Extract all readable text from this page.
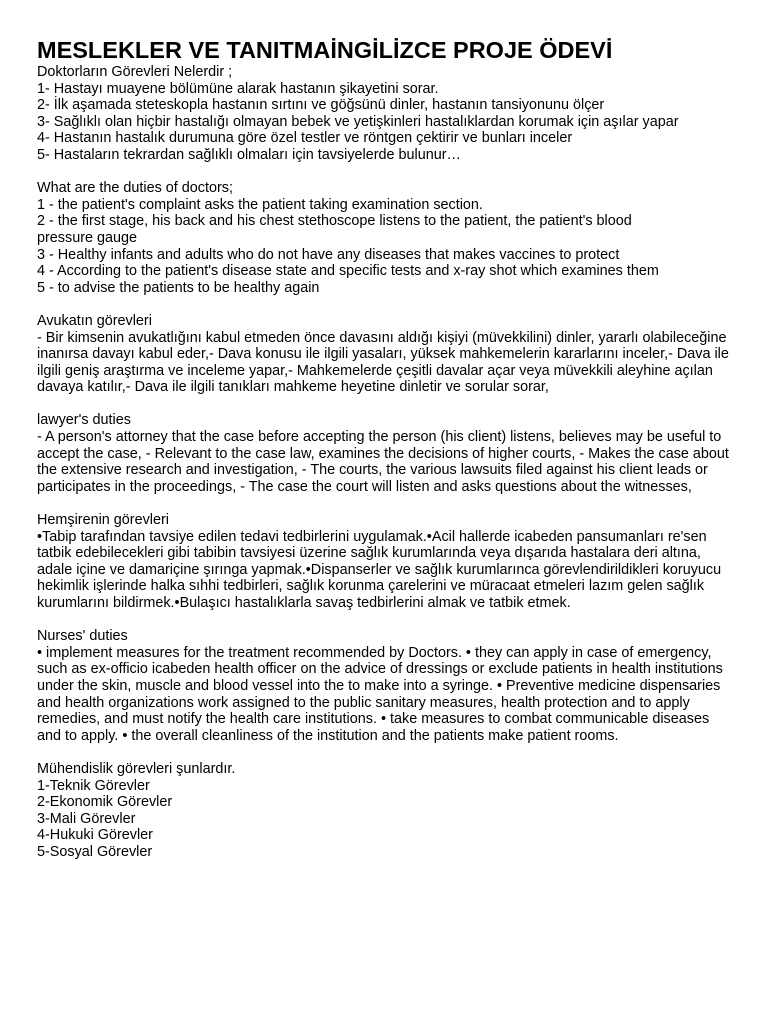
MESLEKLER VE TANITMAİNGİLİZCE PROJE ÖDEVİ

Doktorların Görevleri Nelerdir ;

1- Hastayı muayene bölümüne alarak hastanın şikayetini sorar.

2- İlk aşamada steteskopla hastanın sırtını ve göğsünü dinler, hastanın tansiyonunu ölçer

3- Sağlıklı olan hiçbir hastalığı olmayan bebek ve yetişkinleri hastalıklardan korumak için aşılar yapar

4- Hastanın hastalık durumuna göre özel testler ve röntgen çektirir ve bunları inceler

5- Hastaların tekrardan sağlıklı olmaları için tavsiyelerde bulunur…

What are the duties of doctors;

1 - the patient's complaint asks the patient taking examination section.

2 - the first stage, his back and his chest stethoscope listens to the patient, the patient's blood

pressure gauge

3 - Healthy infants and adults who do not have any diseases that makes vaccines to protect

4 - According to the patient's disease state and specific tests and x-ray shot which examines them

5 - to advise the patients to be healthy again

Avukatın görevleri

- Bir kimsenin avukatlığını kabul etmeden önce davasını aldığı kişiyi (müvekkilini) dinler, yararlı olabileceğine inanırsa davayı kabul eder,- Dava konusu ile ilgili yasaları, yüksek mahkemelerin kararlarını inceler,- Dava ile ilgili geniş araştırma ve inceleme yapar,- Mahkemelerde çeşitli davalar açar veya müvekkili aleyhine açılan davaya katılır,- Dava ile ilgili tanıkları mahkeme heyetine dinletir ve sorular sorar,

lawyer's duties

- A person's attorney that the case before accepting the person (his client) listens, believes may be useful to accept the case, - Relevant to the case law, examines the decisions of higher courts, - Makes the case about the extensive research and investigation, - The courts, the various lawsuits filed against his client leads or participates in the proceedings, - The case the court will listen and asks questions about the witnesses,

Hemşirenin görevleri

•Tabip tarafından tavsiye edilen tedavi tedbirlerini uygulamak.•Acil hallerde icabeden pansumanları re'sen tatbik edebilecekleri gibi tabibin tavsiyesi üzerine sağlık kurumlarında veya dışarıda hastalara deri altına, adale içine ve damariçine şırınga yapmak.•Dispanserler ve sağlık kurumlarınca görevlendirildikleri koruyucu hekimlik işlerinde halka sıhhi tedbirleri, sağlık korunma çarelerini ve müracaat etmeleri lazım gelen sağlık kurumlarını bildirmek.•Bulaşıcı hastalıklarla savaş tedbirlerini almak ve tatbik etmek.

Nurses' duties

• implement measures for the treatment recommended by Doctors. • they can apply in case of emergency, such as ex-officio icabeden health officer on the advice of dressings or exclude patients in health institutions under the skin, muscle and blood vessel into the to make into a syringe. • Preventive medicine dispensaries and health organizations work assigned to the public sanitary measures, health protection and to apply remedies, and must notify the health care institutions. • take measures to combat communicable diseases and to apply. • the overall cleanliness of the institution and the patients make patient rooms.

Mühendislik görevleri şunlardır.

1-Teknik Görevler

2-Ekonomik Görevler

3-Mali Görevler

4-Hukuki Görevler

5-Sosyal Görevler
